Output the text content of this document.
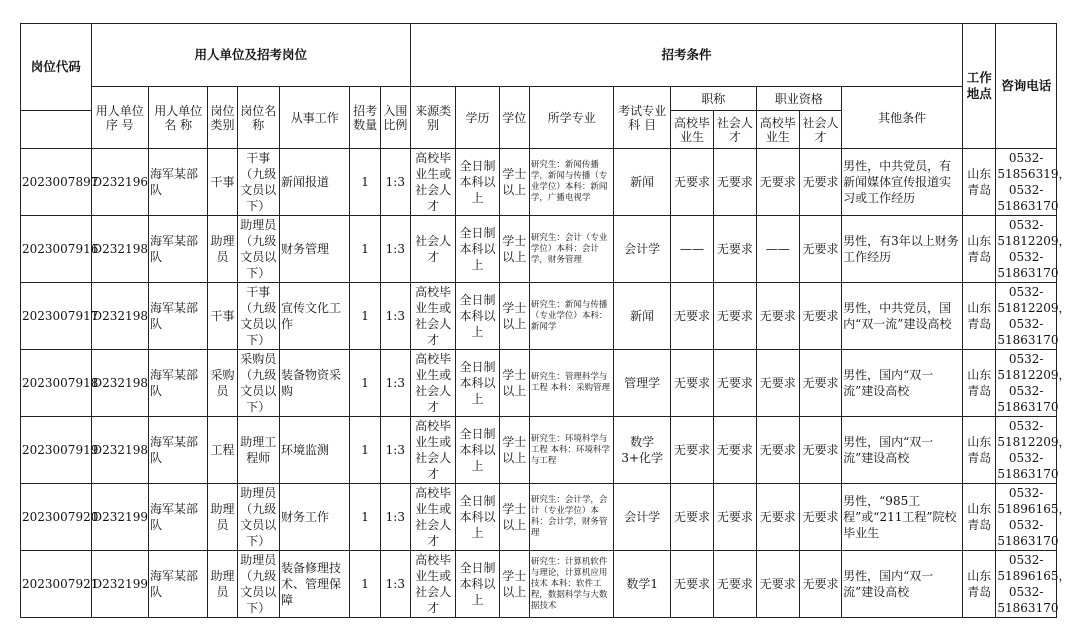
岗位代码	用人单位及招考岗位							招考条件										工作地点	咨询电话
	用人单位序 号	用人单位名 称	岗位类别	岗位名称	从事工作	招考数量	入围比例	来源类别	学历	学位	所学专业	考试专业科 目	职称		职业资格		其他条件		
													高校毕业生	社会人才	高校毕业生	社会人才			
2023007897	D232196	海军某部队	干事	干事（九级文员以下）	新闻报道	1	1:3	高校毕业生或社会人才	全日制本科以上	学士以上	研究生：新闻传播学，新闻与传播（专业学位）本科：新闻学，广播电视学	新闻	无要求	无要求	无要求	无要求	男性，中共党员，有新闻媒体宣传报道实习或工作经历	山东青岛	0532-51856319，0532-51863170
2023007916	D232198	海军某部队	助理员	助理员（九级文员以下）	财务管理	1	1:3	社会人才	全日制本科以上	学士以上	研究生：会计（专业学位）本科：会计学，财务管理	会计学	——	无要求	——	无要求	男性，有3年以上财务工作经历	山东青岛	0532-51812209，0532-51863170
2023007917	D232198	海军某部队	干事	干事（九级文员以下）	宣传文化工作	1	1:3	高校毕业生或社会人才	全日制本科以上	学士以上	研究生：新闻与传播（专业学位）本科：新闻学	新闻	无要求	无要求	无要求	无要求	男性，中共党员，国内“双一流”建设高校	山东青岛	0532-51812209，0532-51863170
2023007918	D232198	海军某部队	采购员	采购员（九级文员以下）	装备物资采购	1	1:3	高校毕业生或社会人才	全日制本科以上	学士以上	研究生：管理科学与工程 本科：采购管理	管理学	无要求	无要求	无要求	无要求	男性，国内“双一流”建设高校	山东青岛	0532-51812209，0532-51863170
2023007919	D232198	海军某部队	工程	助理工程师	环境监测	1	1:3	高校毕业生或社会人才	全日制本科以上	学士以上	研究生：环境科学与工程 本科：环境科学与工程	数学3+化学	无要求	无要求	无要求	无要求	男性，国内“双一流”建设高校	山东青岛	0532-51812209，0532-51863170
2023007920	D232199	海军某部队	助理员	助理员（九级文员以下）	财务工作	1	1:3	高校毕业生或社会人才	全日制本科以上	学士以上	研究生：会计学，会计（专业学位）本科：会计学，财务管理	会计学	无要求	无要求	无要求	无要求	男性，“985工程”或“211工程”院校毕业生	山东青岛	0532-51896165，0532-51863170
2023007921	D232199	海军某部队	助理员	助理员（九级文员以下）	装备修理技术、管理保障	1	1:3	高校毕业生或社会人才	全日制本科以上	学士以上	研究生：计算机软件与理论，计算机应用技术 本科：软件工程，数据科学与大数据技术	数学1	无要求	无要求	无要求	无要求	男性，国内“双一流”建设高校	山东青岛	0532-51896165，0532-51863170
